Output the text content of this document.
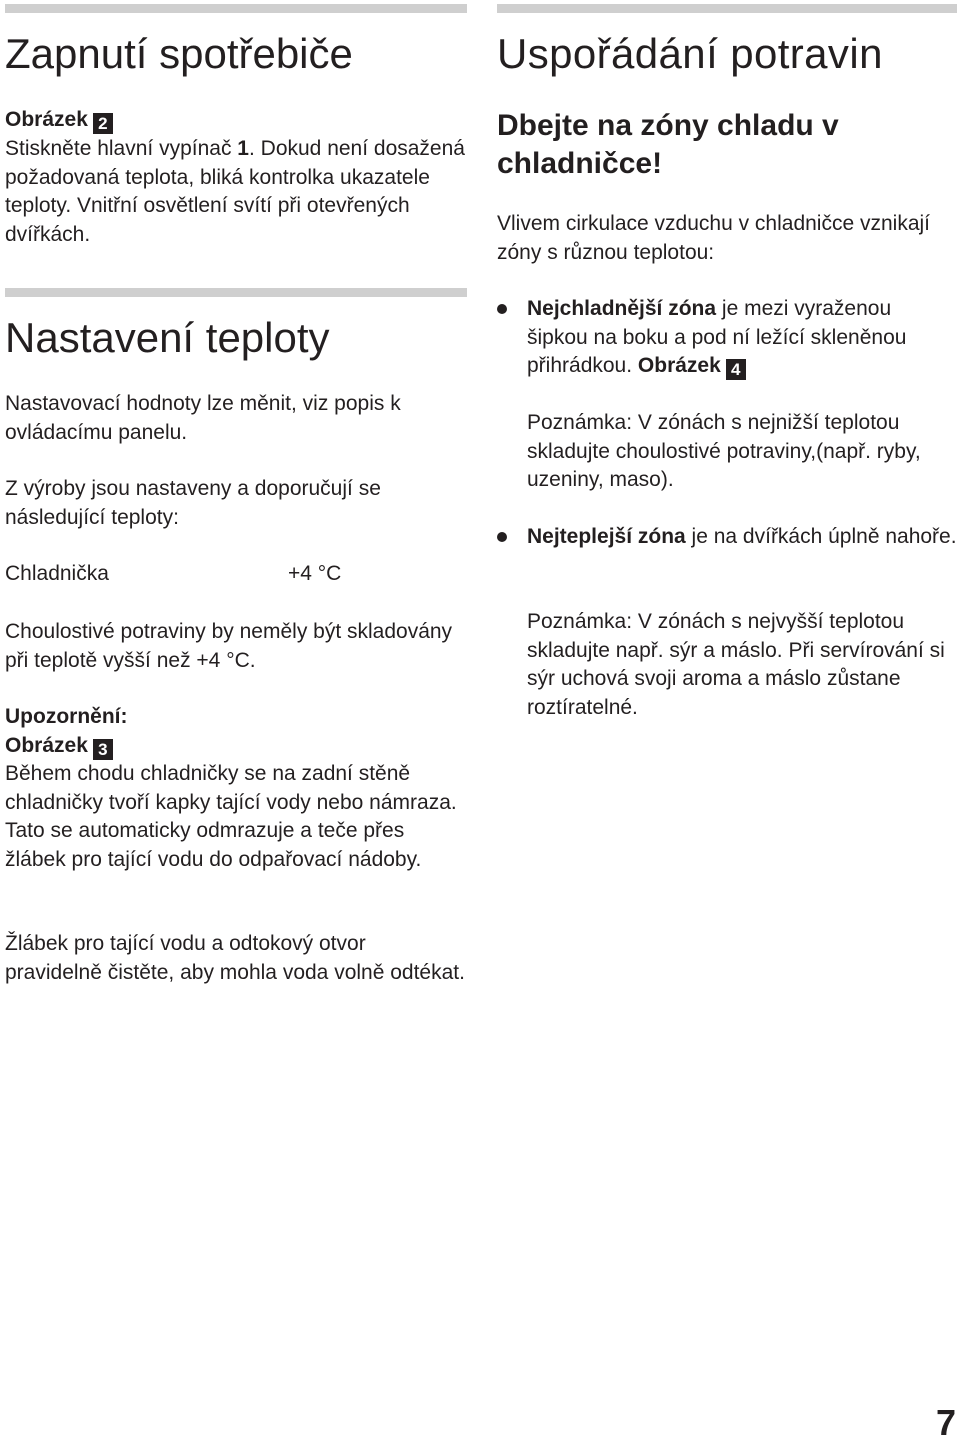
Zapnutí spotřebiče

Obrázek 2

Stiskněte hlavní vypínač 1. Dokud není dosažená požadovaná teplota, bliká kontrolka ukazatele teploty. Vnitřní osvětlení svítí při otevřených dvířkách.

Nastavení teploty

Nastavovací hodnoty lze měnit, viz popis k ovládacímu panelu.

Z výroby jsou nastaveny a doporučují se následující teploty:

Chladnička	+4 °C

Choulostivé potraviny by neměly být skladovány při teplotě vyšší než +4 °C.

Upozornění:

Obrázek 3

Během chodu chladničky se na zadní stěně chladničky tvoří kapky tající vody nebo námraza. Tato se automaticky odmrazuje a teče přes žlábek pro tající vodu do odpařovací nádoby.

Žlábek pro tající vodu a odtokový otvor pravidelně čistěte, aby mohla voda volně odtékat.

Uspořádání potravin
Dbejte na zóny chladu v chladničce!

Vlivem cirkulace vzduchu v chladničce vznikají zóny s různou teplotou:

Nejchladnější zóna je mezi vyraženou šipkou na boku a pod ní ležící skleněnou přihrádkou. Obrázek 4

Poznámka: V zónách s nejnižší teplotou skladujte choulostivé potraviny,(např. ryby, uzeniny, maso).

Nejteplejší zóna je na dvířkách úplně nahoře.

Poznámka: V zónách s nejvyšší teplotou skladujte např. sýr a máslo. Při servírování si sýr uchová svoji aroma a máslo zůstane roztíratelné.

7
